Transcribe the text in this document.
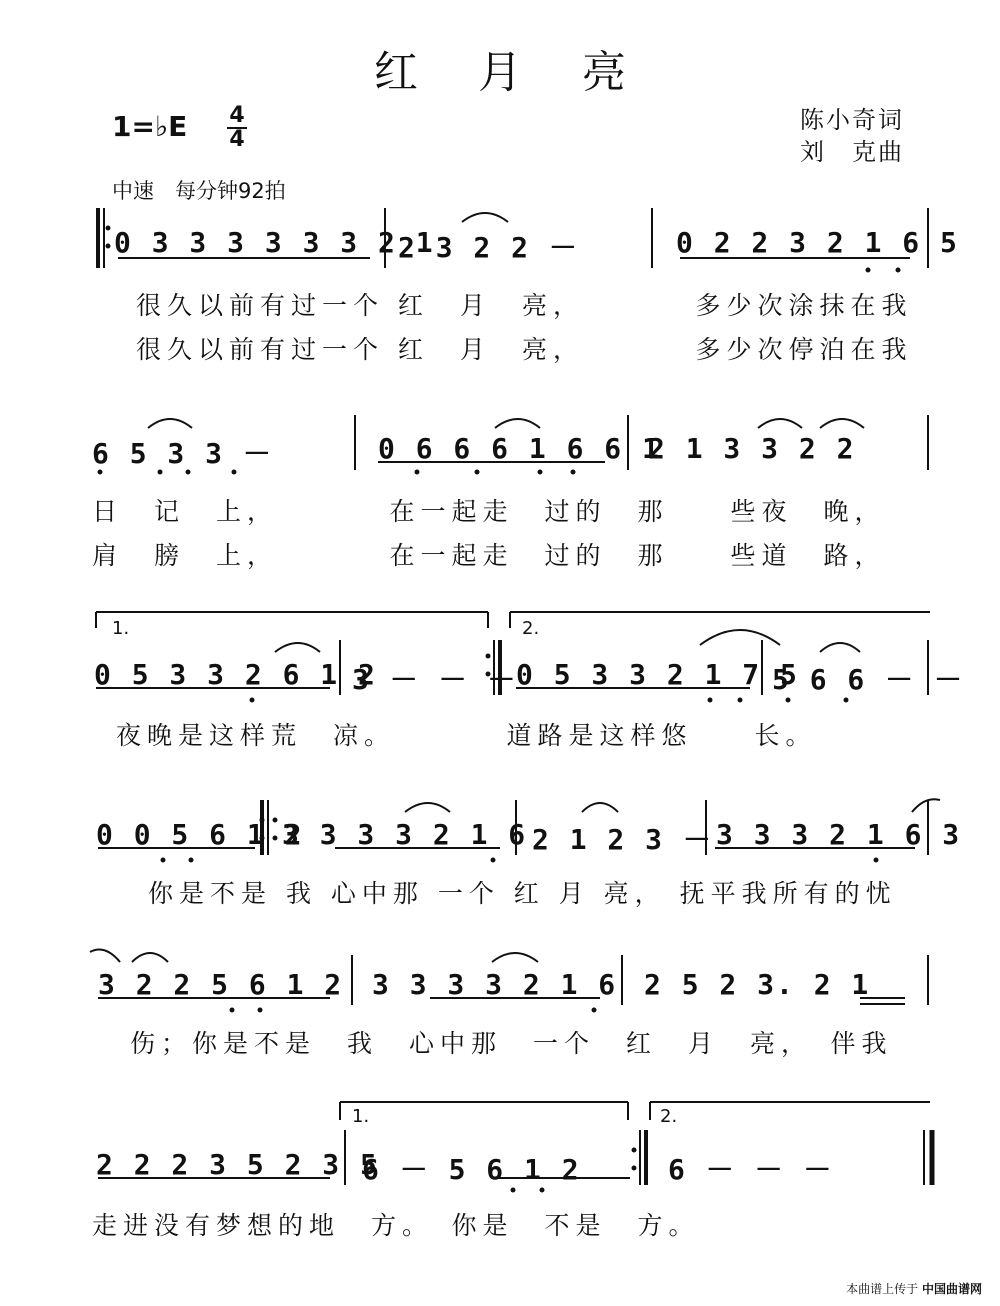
红月亮
1=♭E 4
4
陈小奇词
刘　克曲
中速　每分钟92拍
0 3 3 3 3 3 3 2 1
2 3 2 2 －	0 2 2 3 2 1 6 5
很久以前有过一个 红　月　亮，　　　　多少次涂抹在我
很久以前有过一个 红　月　亮，　　　　多少次停泊在我
6 5 3 3 －	0 6 6 6 1 6 6 1
2 1 3 3 2 2
日　记　上，　　　　在一起走　过的　那　　些夜　晚，
肩　膀　上，　　　　在一起走　过的　那　　些道　路，
1.	2.
0 5 3 3 2 6 1 2
3 － － －
0 5 3 3 2 1 7 5
5 6 6 － －
夜晚是这样荒　凉。　　　　道路是这样悠　　长。
0 0 5 6 1 2
3 3 3 3 2 1 6 2 1 2 3 － 3 3 3 2 1 6 3
你是不是 我 心中那 一个 红 月 亮， 抚平我所有的忧
3 2 2 5 6 1 2 3 3 3 3 2 1 6 2 5 2 3. 2 1
伤；你是不是　我　心中那　一个　红　月　亮，　伴我
1.	2.
2 2 2 3 5 2 3 5
6 － 5 6 1 2	6 － － －
走进没有梦想的地　方。　你是　不是　方。
本曲谱上传于 中国曲谱网
